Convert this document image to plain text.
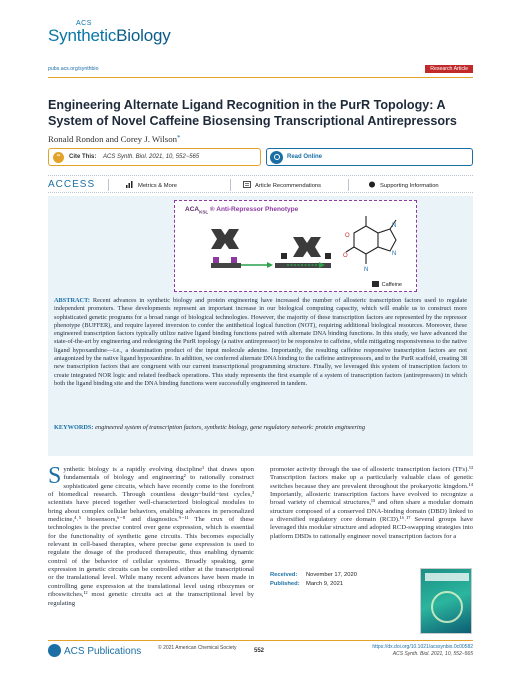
ACS
SyntheticBiology
pubs.acs.org/synthbio	Research Article
Engineering Alternate Ligand Recognition in the PurR Topology: A System of Novel Caffeine Biosensing Transcriptional Antirepressors
Ronald Rondon and Corey J. Wilson*
“	Cite This: ACS Synth. Biol. 2021, 10, 552−565	Read Online
ACCESS	Metrics & More	Article Recommendations	Supporting Information
$ACA_{KSL}$ ® Anti-Repressor Phenotype
O
N
N
N
O
Caffeine

ABSTRACT: Recent advances in synthetic biology and protein engineering have increased the number of allosteric transcription factors used to regulate independent promoters. These developments represent an important increase in our biological computing capacity, which will enable us to construct more sophisticated genetic programs for a broad range of biological technologies. However, the majority of these transcription factors are represented by the repressor phenotype (BUFFER), and require layered inversion to confer the antithetical logical function (NOT), requiring additional biological resources. Moreover, these engineered transcription factors typically utilize native ligand binding functions paired with alternate DNA binding functions. In this study, we have advanced the state-of-the-art by engineering and redesigning the PurR topology (a native antirepressor) to be responsive to caffeine, while mitigating responsiveness to the native ligand hypoxanthine—i.e., a deamination product of the input molecule adenine. Importantly, the resulting caffeine responsive transcription factors are not antagonized by the native ligand hypoxanthine. In addition, we conferred alternate DNA binding to the caffeine antirepressors, and to the PurR scaffold, creating 38 new transcription factors that are congruent with our current transcriptional programming structure. Finally, we leveraged this system of transcription factors to create integrated NOR logic and related feedback operations. This study represents the first example of a system of transcription factors (antirepressors) in which both the ligand binding site and the DNA binding functions were successfully engineered in tandem.

KEYWORDS: engineered system of transcription factors, synthetic biology, gene regulatory network: protein engineering

Synthetic biology is a rapidly evolving discipline¹ that draws upon fundamentals of biology and engineering² to rationally construct sophisticated gene circuits, which have recently come to the forefront of biomedical research. Through countless design−build−test cycles,³ scientists have pieced together well-characterized biological modules to bring about complex cellular behaviors, enabling advances in personalized medicine,⁴˒⁵ biosensors,⁶⁻⁸ and diagnostics.⁹⁻¹¹ The crux of these technologies is the precise control over gene expression, which is essential for the functionality of synthetic gene circuits. This becomes especially relevant in cell-based therapies, where precise gene expression is used to regulate the dosage of the produced therapeutic, thus enabling dynamic control of the behavior of cellular systems. Broadly speaking, gene expression in genetic circuits can be controlled either at the transcriptional or the translational level. While many recent advances have been made in controlling gene expression at the translational level using ribozymes or riboswitches,¹² most genetic circuits act at the transcriptional level by regulating
promoter activity through the use of allosteric transcription factors (TFs).¹³ Transcription factors make up a particularly valuable class of genetic switches because they are prevalent throughout the prokaryotic kingdom.¹⁴ Importantly, allosteric transcription factors have evolved to recognize a broad variety of chemical structures,¹⁵ and often share a modular domain structure composed of a conserved DNA-binding domain (DBD) linked to a diversified regulatory core domain (RCD).¹⁶˒¹⁷ Several groups have leveraged this modular structure and adopted RCD-swapping strategies into platform DBDs to rationally engineer novel transcription factors for a
Received: November 17, 2020
Published: March 9, 2021
ACS Publications	© 2021 American Chemical Society	552
https://dx.doi.org/10.1021/acssynbio.0c00582
ACS Synth. Biol. 2021, 10, 552−565
